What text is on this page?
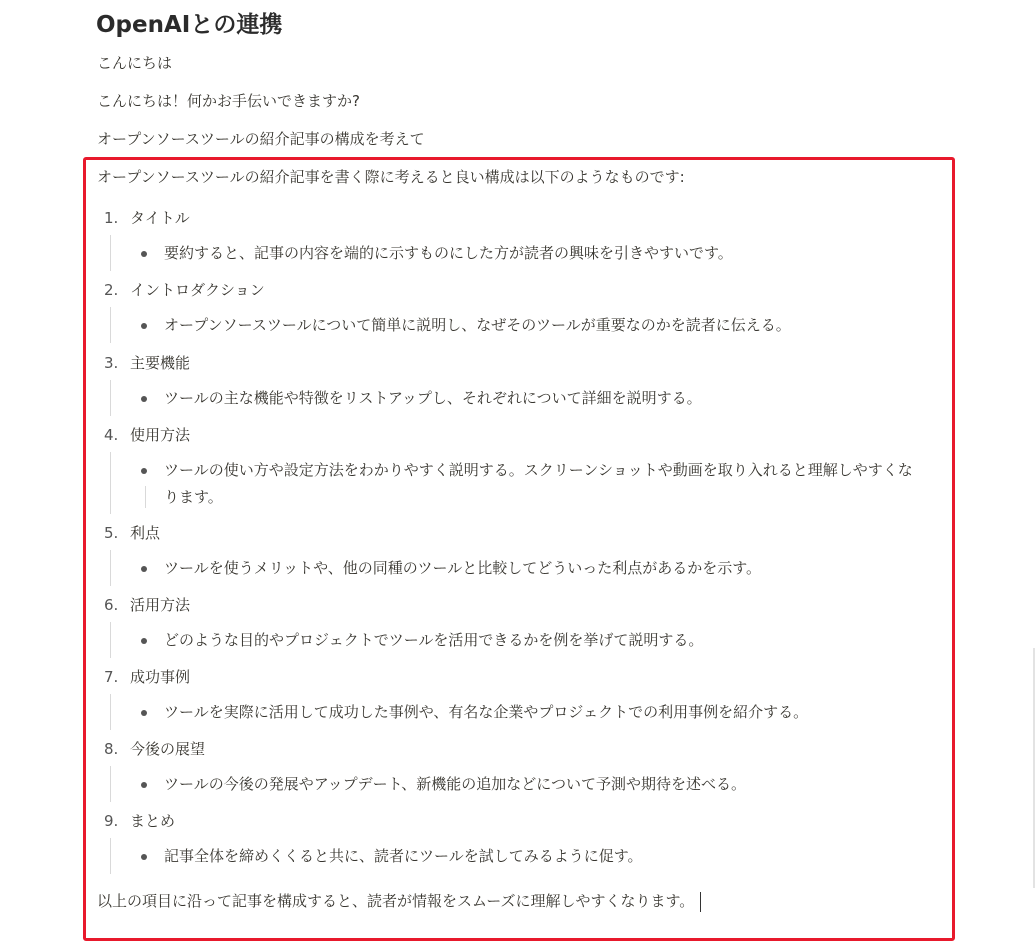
OpenAIとの連携

こんにちは

こんにちは！何かお手伝いできますか?

オープンソースツールの紹介記事の構成を考えて

オープンソースツールの紹介記事を書く際に考えると良い構成は以下のようなものです:

1. タイトル
要約すると、記事の内容を端的に示すものにした方が読者の興味を引きやすいです。
2. イントロダクション
オープンソースツールについて簡単に説明し、なぜそのツールが重要なのかを読者に伝える。
3. 主要機能
ツールの主な機能や特徴をリストアップし、それぞれについて詳細を説明する。
4. 使用方法
ツールの使い方や設定方法をわかりやすく説明する。スクリーンショットや動画を取り入れると理解しやすくなります。
5. 利点
ツールを使うメリットや、他の同種のツールと比較してどういった利点があるかを示す。
6. 活用方法
どのような目的やプロジェクトでツールを活用できるかを例を挙げて説明する。
7. 成功事例
ツールを実際に活用して成功した事例や、有名な企業やプロジェクトでの利用事例を紹介する。
8. 今後の展望
ツールの今後の発展やアップデート、新機能の追加などについて予測や期待を述べる。
9. まとめ
記事全体を締めくくると共に、読者にツールを試してみるように促す。

以上の項目に沿って記事を構成すると、読者が情報をスムーズに理解しやすくなります。
